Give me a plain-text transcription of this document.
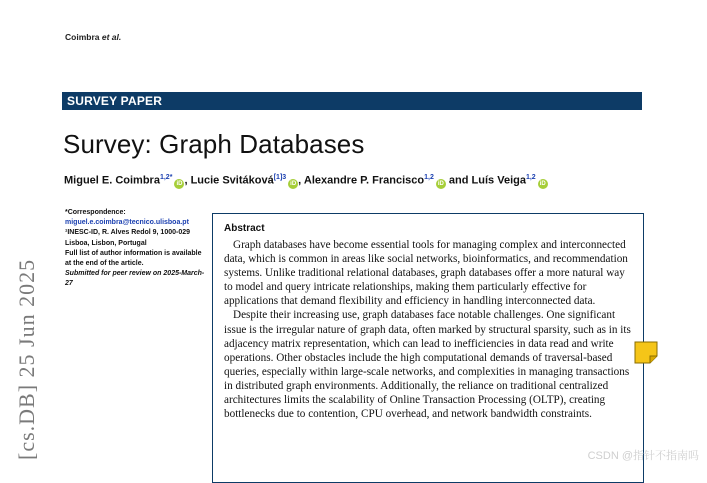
Coimbra et al.
SURVEY PAPER
Survey: Graph Databases
Miguel E. Coimbra$^{1,2*}$iD , Lucie Svitáková$^{[1]3}$iD , Alexandre P. Francisco$^{1,2}$iD and Luís Veiga$^{1,2}$iD
*Correspondence:
miguel.e.coimbra@tecnico.ulisboa.pt
¹INESC-ID, R. Alves Redol 9, 1000-029 Lisboa, Lisbon, Portugal
Full list of author information is available at the end of the article.
Submitted for peer review on 2025-March-27
[cs.DB] 25 Jun 2025
Abstract

Graph databases have become essential tools for managing complex and interconnected data, which is common in areas like social networks, bioinformatics, and recommendation systems. Unlike traditional relational databases, graph databases offer a more natural way to model and query intricate relationships, making them particularly effective for applications that demand flexibility and efficiency in handling interconnected data.

Despite their increasing use, graph databases face notable challenges. One significant issue is the irregular nature of graph data, often marked by structural sparsity, such as in its adjacency matrix representation, which can lead to inefficiencies in data read and write operations. Other obstacles include the high computational demands of traversal-based queries, especially within large-scale networks, and complexities in managing transactions in distributed graph environments. Additionally, the reliance on traditional centralized architectures limits the scalability of Online Transaction Processing (OLTP), creating bottlenecks due to contention, CPU overhead, and network bandwidth constraints.

CSDN @指针不指南吗
